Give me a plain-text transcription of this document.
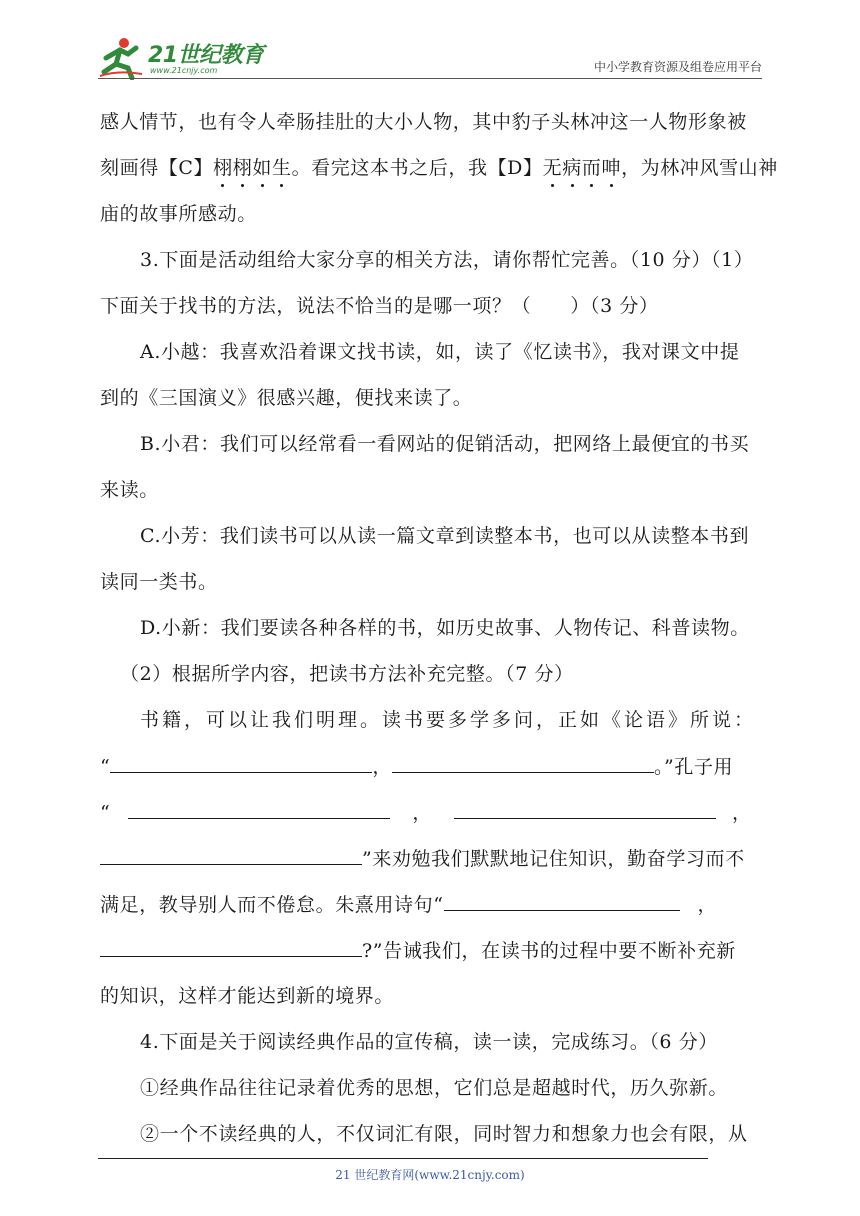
21世纪教育
www.21cnjy.com	中小学教育资源及组卷应用平台
感人情节，也有令人牵肠挂肚的大小人物，其中豹子头林冲这一人物形象被
刻画得【C】栩栩如生。看完这本书之后，我【D】无病而呻，为林冲风雪山神
庙的故事所感动。
3.下面是活动组给大家分享的相关方法，请你帮忙完善。（10 分）（1）
下面关于找书的方法，说法不恰当的是哪一项？（　　）（3 分）
A.小越：我喜欢沿着课文找书读，如，读了《忆读书》，我对课文中提
到的《三国演义》很感兴趣，便找来读了。
B.小君：我们可以经常看一看网站的促销活动，把网络上最便宜的书买
来读。
C.小芳：我们读书可以从读一篇文章到读整本书，也可以从读整本书到
读同一类书。
D.小新：我们要读各种各样的书，如历史故事、人物传记、科普读物。
（2）根据所学内容，把读书方法补充完整。（7 分）
书籍，可以让我们明理。读书要多学多问，正如《论语》所说：
“	，	。”孔子用
“	，	，
”来劝勉我们默默地记住知识，勤奋学习而不
满足，教导别人而不倦怠。朱熹用诗句“	，
?”告诫我们，在读书的过程中要不断补充新
的知识，这样才能达到新的境界。
4.下面是关于阅读经典作品的宣传稿，读一读，完成练习。（6 分）
①经典作品往往记录着优秀的思想，它们总是超越时代，历久弥新。
②一个不读经典的人，不仅词汇有限，同时智力和想象力也会有限，从
21 世纪教育网(www.21cnjy.com)
